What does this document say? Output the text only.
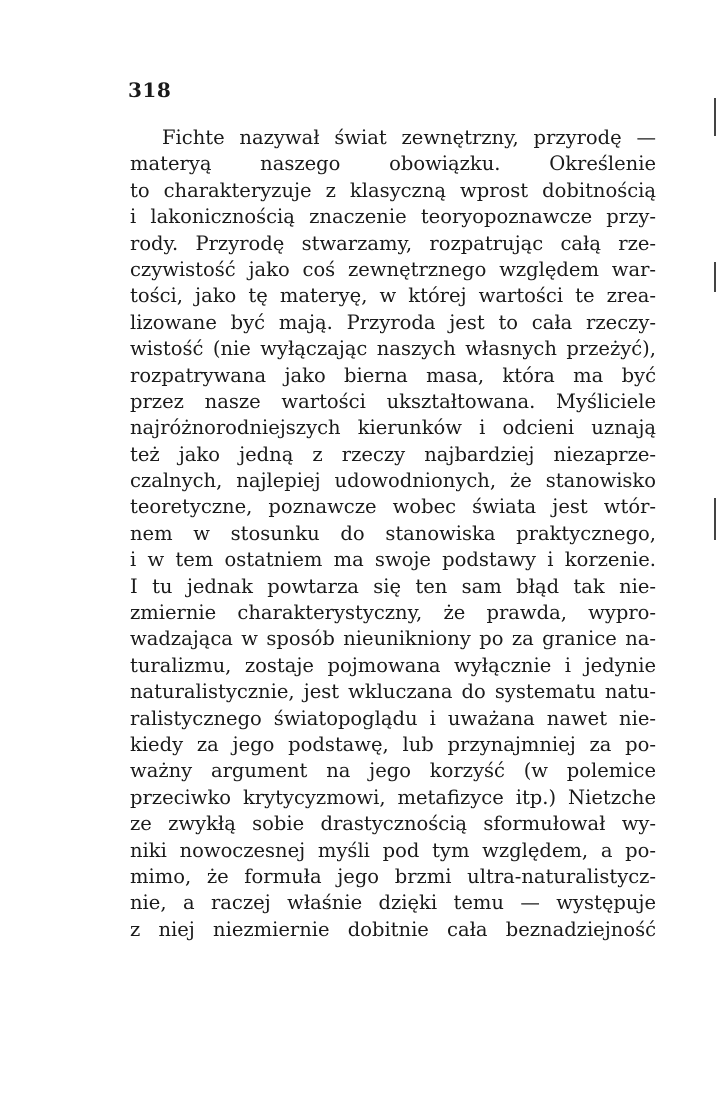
318
Fichte nazywał świat zewnętrzny, przyrodę —
materyą naszego obowiązku. Określenie
to charakteryzuje z klasyczną wprost dobitnością
i lakonicznością znaczenie teoryopoznawcze przy-
rody. Przyrodę stwarzamy, rozpatrując całą rze-
czywistość jako coś zewnętrznego względem war-
tości, jako tę materyę, w której wartości te zrea-
lizowane być mają. Przyroda jest to cała rzeczy-
wistość (nie wyłączając naszych własnych przeżyć),
rozpatrywana jako bierna masa, która ma być
przez nasze wartości ukształtowana. Myśliciele
najróżnorodniejszych kierunków i odcieni uznają
też jako jedną z rzeczy najbardziej niezaprze-
czalnych, najlepiej udowodnionych, że stanowisko
teoretyczne, poznawcze wobec świata jest wtór-
nem w stosunku do stanowiska praktycznego,
i w tem ostatniem ma swoje podstawy i korzenie.
I tu jednak powtarza się ten sam błąd tak nie-
zmiernie charakterystyczny, że prawda, wypro-
wadzająca w sposób nieunikniony po za granice na-
turalizmu, zostaje pojmowana wyłącznie i jedynie
naturalistycznie, jest wkluczana do systematu natu-
ralistycznego światopoglądu i uważana nawet nie-
kiedy za jego podstawę, lub przynajmniej za po-
ważny argument na jego korzyść (w polemice
przeciwko krytycyzmowi, metafizyce itp.) Nietzche
ze zwykłą sobie drastycznością sformułował wy-
niki nowoczesnej myśli pod tym względem, a po-
mimo, że formuła jego brzmi ultra-naturalistycz-
nie, a raczej właśnie dzięki temu — występuje
z niej niezmiernie dobitnie cała beznadziejność
